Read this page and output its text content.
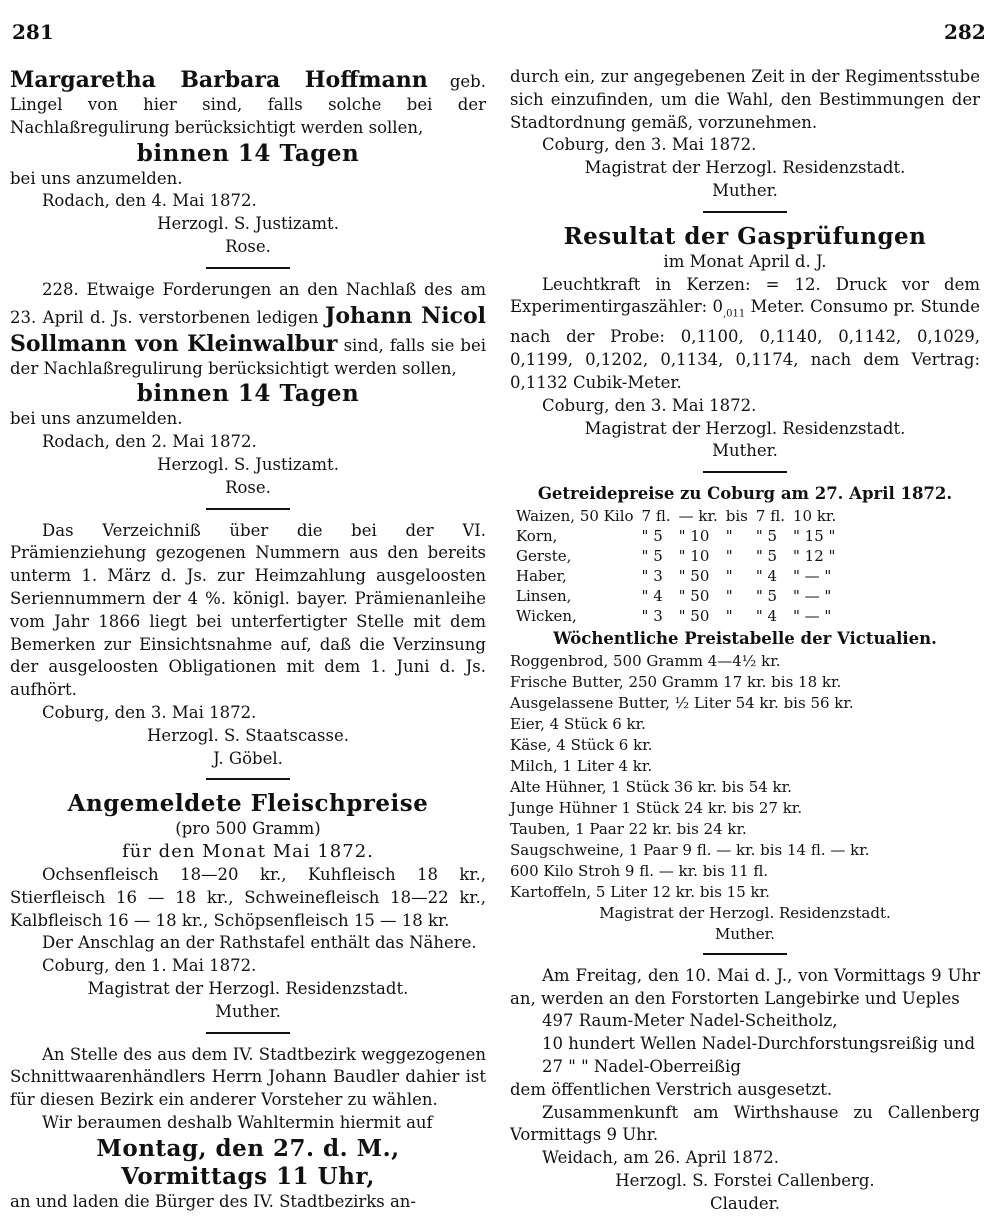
281	282

Margaretha Barbara Hoffmann geb. Lingel von hier sind, falls solche bei der Nachlaßregulirung berücksichtigt werden sollen,

binnen 14 Tagen

bei uns anzumelden.

Rodach, den 4. Mai 1872.

Herzogl. S. Justizamt.

Rose.

228. Etwaige Forderungen an den Nachlaß des am 23. April d. Js. verstorbenen ledigen Johann Nicol Sollmann von Kleinwalbur sind, falls sie bei der Nachlaßregulirung berücksichtigt werden sollen,

binnen 14 Tagen

bei uns anzumelden.

Rodach, den 2. Mai 1872.

Herzogl. S. Justizamt.

Rose.

Das Verzeichniß über die bei der VI. Prämienziehung gezogenen Nummern aus den bereits unterm 1. März d. Js. zur Heimzahlung ausgeloosten Seriennummern der 4 %. königl. bayer. Prämienanleihe vom Jahr 1866 liegt bei unterfertigter Stelle mit dem Bemerken zur Einsichtsnahme auf, daß die Verzinsung der ausgeloosten Obligationen mit dem 1. Juni d. Js. aufhört.

Coburg, den 3. Mai 1872.

Herzogl. S. Staatscasse.

J. Göbel.

Angemeldete Fleischpreise

(pro 500 Gramm)

für den Monat Mai 1872.

Ochsenfleisch 18—20 kr., Kuhfleisch 18 kr., Stierfleisch 16 — 18 kr., Schweinefleisch 18—22 kr., Kalbfleisch 16 — 18 kr., Schöpsenfleisch 15 — 18 kr.

Der Anschlag an der Rathstafel enthält das Nähere.

Coburg, den 1. Mai 1872.

Magistrat der Herzogl. Residenzstadt.

Muther.

An Stelle des aus dem IV. Stadtbezirk weggezogenen Schnittwaarenhändlers Herrn Johann Baudler dahier ist für diesen Bezirk ein anderer Vorsteher zu wählen.

Wir beraumen deshalb Wahltermin hiermit auf

Montag, den 27. d. M.,

Vormittags 11 Uhr,

an und laden die Bürger des IV. Stadtbezirks an-

durch ein, zur angegebenen Zeit in der Regimentsstube sich einzufinden, um die Wahl, den Bestimmungen der Stadtordnung gemäß, vorzunehmen.

Coburg, den 3. Mai 1872.

Magistrat der Herzogl. Residenzstadt.

Muther.

Resultat der Gasprüfungen

im Monat April d. J.

Leuchtkraft in Kerzen: = 12. Druck vor dem Experimentirgaszähler: $0_{,011}$ Meter. Consumo pr. Stunde nach der Probe: 0,1100, 0,1140, 0,1142, 0,1029, 0,1199, 0,1202, 0,1134, 0,1174, nach dem Vertrag: 0,1132 Cubik-Meter.

Coburg, den 3. Mai 1872.

Magistrat der Herzogl. Residenzstadt.

Muther.

Getreidepreise zu Coburg am 27. April 1872.

Waizen, 50 Kilo	7 fl.	— kr.	bis	7 fl.	10 kr.
Korn,	" 5	" 10	"	" 5	" 15 "
Gerste,	" 5	" 10	"	" 5	" 12 "
Haber,	" 3	" 50	"	" 4	" — "
Linsen,	" 4	" 50	"	" 5	" — "
Wicken,	" 3	" 50	"	" 4	" — "

Wöchentliche Preistabelle der Victualien.

Roggenbrod, 500 Gramm 4—4½ kr.
Frische Butter, 250 Gramm 17 kr. bis 18 kr.
Ausgelassene Butter, ½ Liter 54 kr. bis 56 kr.
Eier, 4 Stück 6 kr.
Käse, 4 Stück 6 kr.
Milch, 1 Liter 4 kr.
Alte Hühner, 1 Stück 36 kr. bis 54 kr.
Junge Hühner 1 Stück 24 kr. bis 27 kr.
Tauben, 1 Paar 22 kr. bis 24 kr.
Saugschweine, 1 Paar 9 fl. — kr. bis 14 fl. — kr.
600 Kilo Stroh 9 fl. — kr. bis 11 fl.
Kartoffeln, 5 Liter 12 kr. bis 15 kr.

Magistrat der Herzogl. Residenzstadt.

Muther.

Am Freitag, den 10. Mai d. J., von Vormittags 9 Uhr an, werden an den Forstorten Langebirke und Ueples

497 Raum-Meter Nadel-Scheitholz,

10 hundert Wellen Nadel-Durchforstungsreißig und

27 " " Nadel-Oberreißig

dem öffentlichen Verstrich ausgesetzt.

Zusammenkunft am Wirthshause zu Callenberg Vormittags 9 Uhr.

Weidach, am 26. April 1872.

Herzogl. S. Forstei Callenberg.

Clauder.
